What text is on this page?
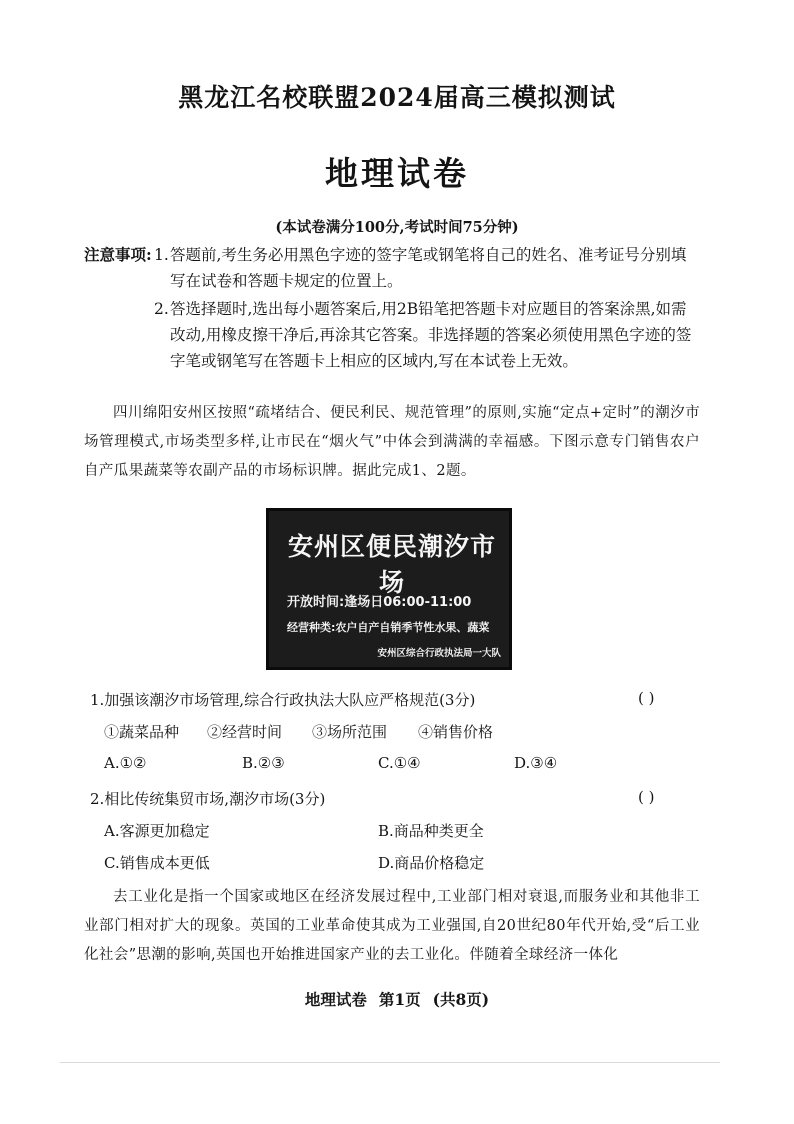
黑龙江名校联盟2024届高三模拟测试
地理试卷
(本试卷满分100分,考试时间75分钟)
注意事项: 1. 答题前,考生务必用黑色字迹的签字笔或钢笔将自己的姓名、准考证号分别填写在试卷和答题卡规定的位置上。
2. 答选择题时,选出每小题答案后,用2B铅笔把答题卡对应题目的答案涂黑,如需改动,用橡皮擦干净后,再涂其它答案。非选择题的答案必须使用黑色字迹的签字笔或钢笔写在答题卡上相应的区域内,写在本试卷上无效。
四川绵阳安州区按照“疏堵结合、便民利民、规范管理”的原则,实施“定点+定时”的潮汐市场管理模式,市场类型多样,让市民在“烟火气”中体会到满满的幸福感。下图示意专门销售农户自产瓜果蔬菜等农副产品的市场标识牌。据此完成1、2题。
安州区便民潮汐市场
开放时间:逢场日06:00-11:00
经营种类:农户自产自销季节性水果、蔬菜
安州区综合行政执法局一大队
1.加强该潮汐市场管理,综合行政执法大队应严格规范(3分)	( )
①蔬菜品种 ②经营时间 ③场所范围 ④销售价格
A.①②	B.②③	C.①④	D.③④
2.相比传统集贸市场,潮汐市场(3分)	( )
A.客源更加稳定	B.商品种类更全
C.销售成本更低	D.商品价格稳定
去工业化是指一个国家或地区在经济发展过程中,工业部门相对衰退,而服务业和其他非工业部门相对扩大的现象。英国的工业革命使其成为工业强国,自20世纪80年代开始,受“后工业化社会”思潮的影响,英国也开始推进国家产业的去工业化。伴随着全球经济一体化
地理试卷 第1页 (共8页)
